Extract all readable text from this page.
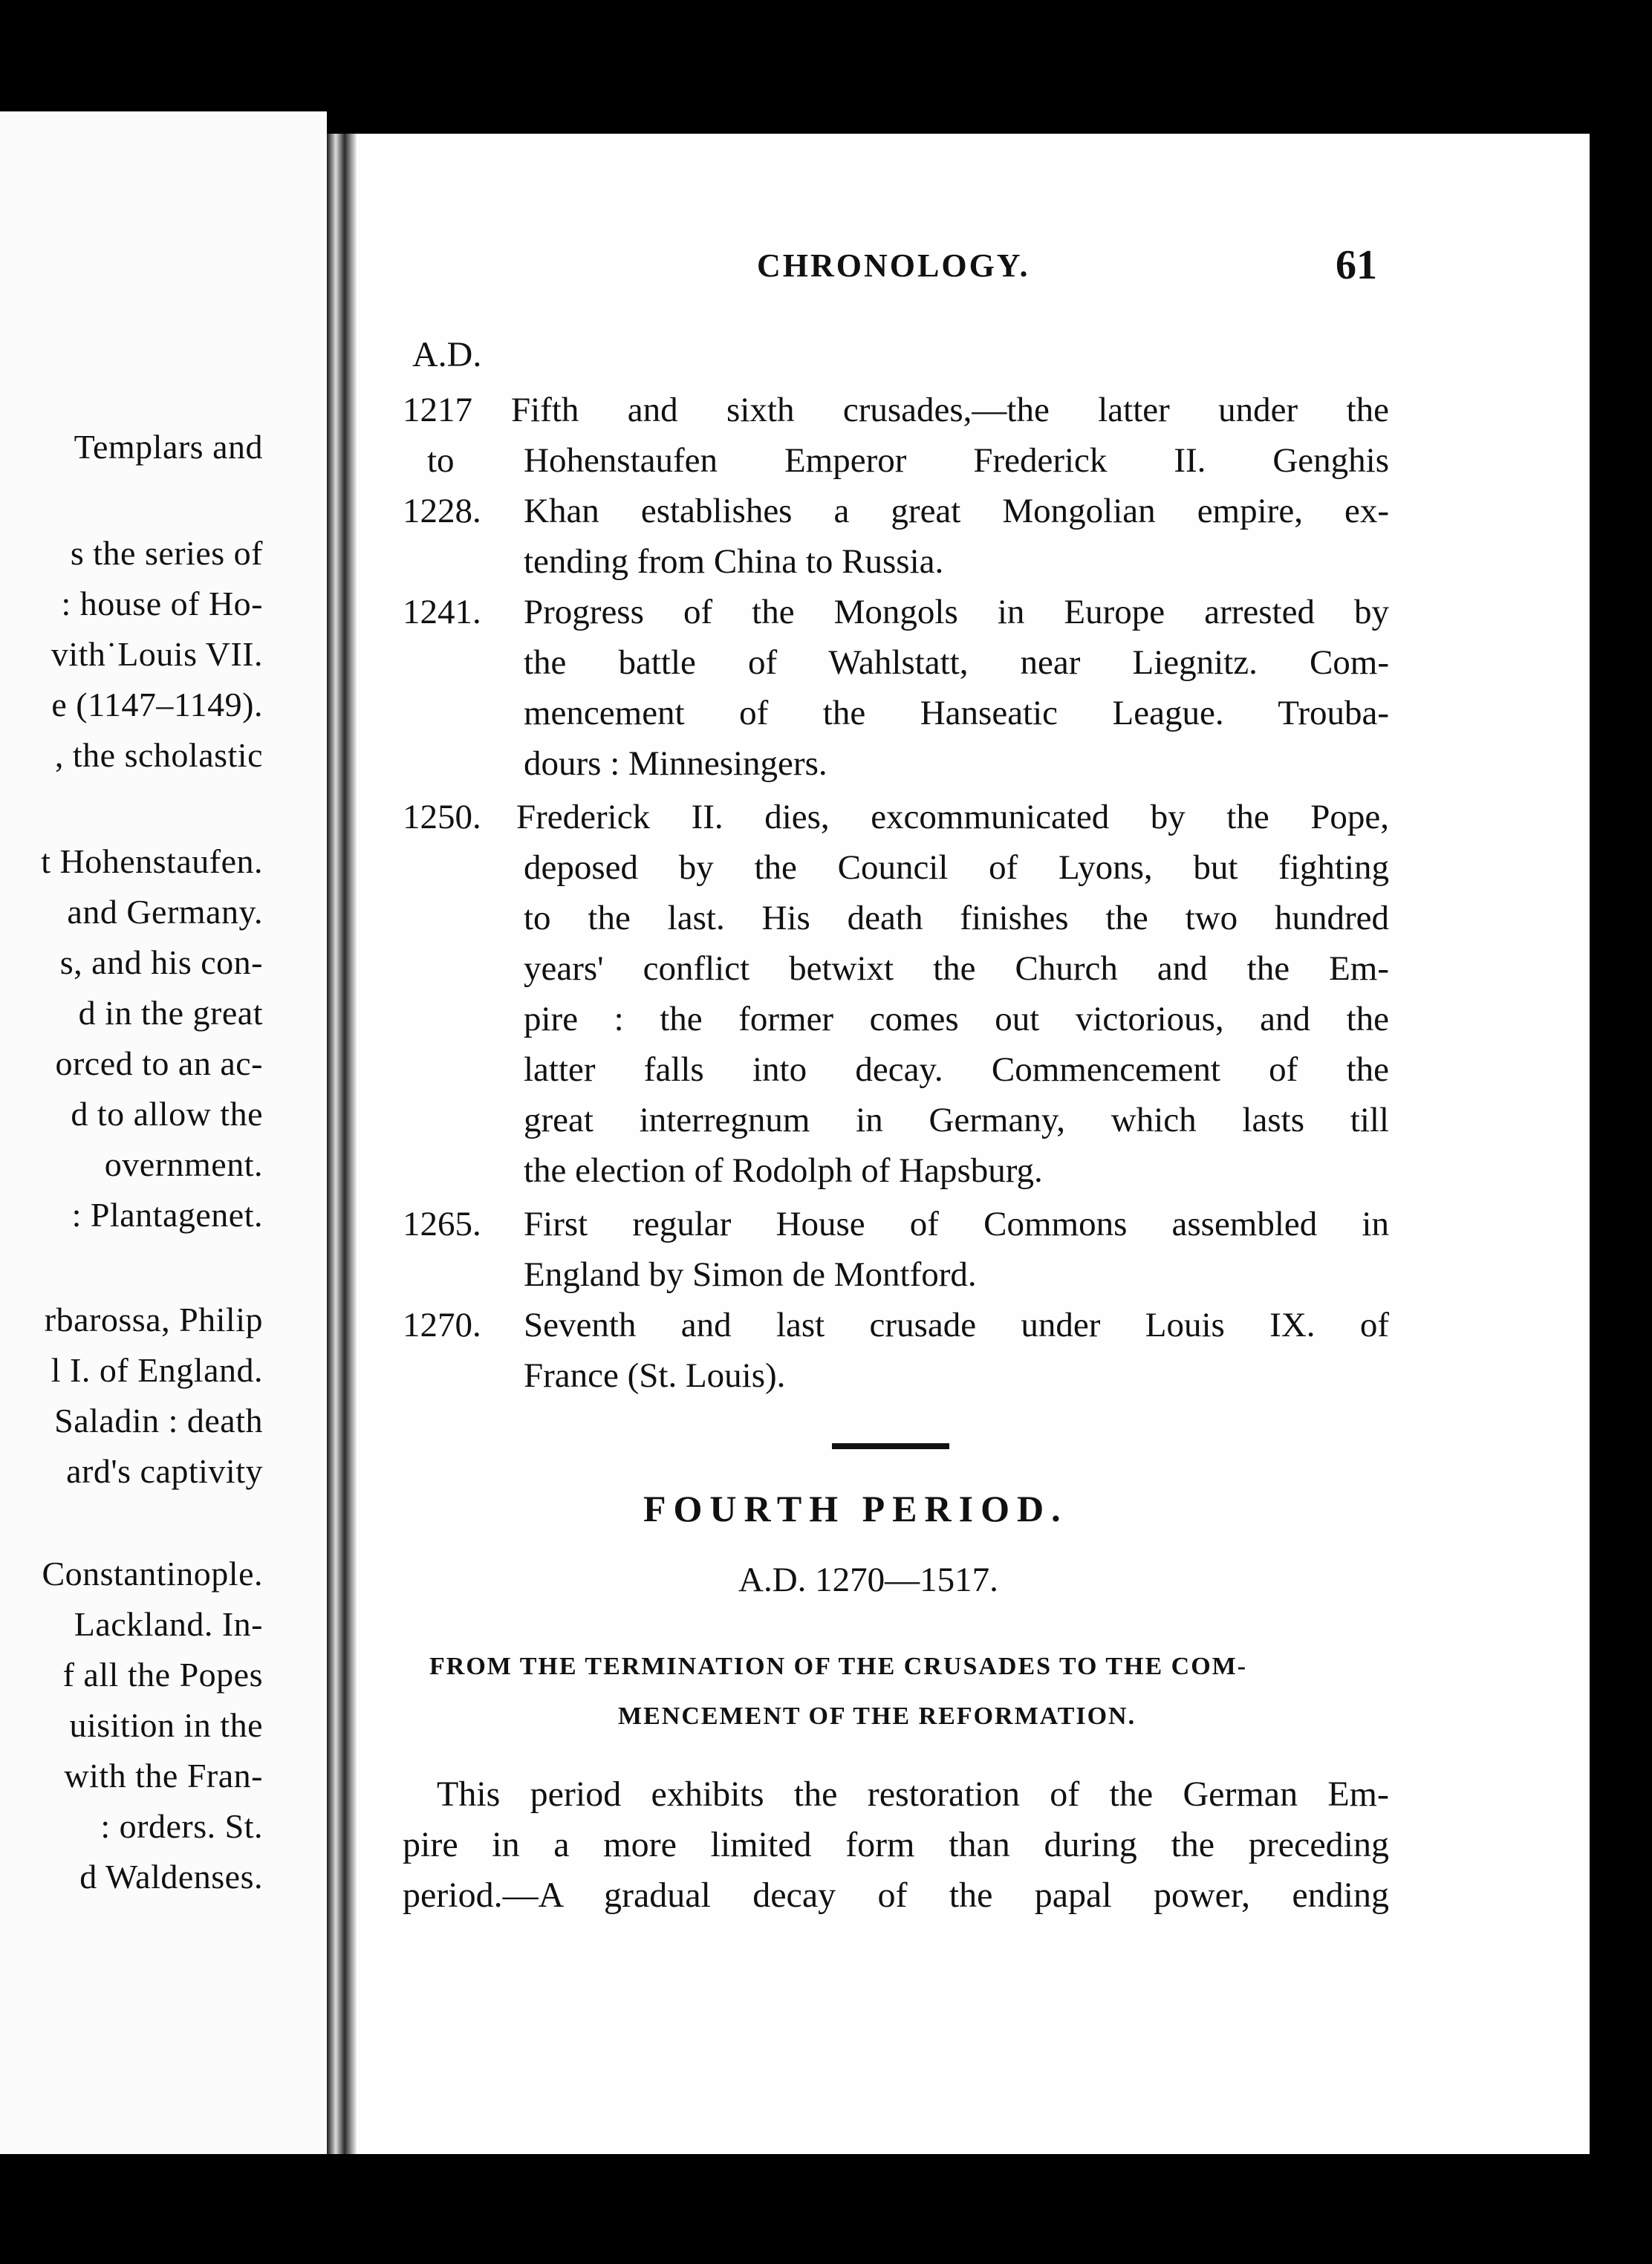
Templars and
s the series of
: house of Ho-
vith˙Louis VII.
e (1147–1149).
, the scholastic
t Hohenstaufen.
and Germany.
s, and his con-
d in the great
orced to an ac-
d to allow the
overnment.
: Plantagenet.
rbarossa, Philip
l I. of England.
Saladin : death
ard's captivity
Constantinople.
Lackland. In-
f all the Popes
uisition in the
with the Fran-
: orders. St.
d Waldenses.
CHRONOLOGY.	61
A.D.
1217
to
1228.
Fifth and sixth crusades,—the latter under the
Hohenstaufen Emperor Frederick II. Genghis
Khan establishes a great Mongolian empire, ex-
tending from China to Russia.
1241. Progress of the Mongols in Europe arrested by
the battle of Wahlstatt, near Liegnitz. Com-
mencement of the Hanseatic League. Trouba-
dours : Minnesingers.
1250. Frederick II. dies, excommunicated by the Pope,
deposed by the Council of Lyons, but fighting
to the last. His death finishes the two hundred
years' conflict betwixt the Church and the Em-
pire : the former comes out victorious, and the
latter falls into decay. Commencement of the
great interregnum in Germany, which lasts till
the election of Rodolph of Hapsburg.
1265. First regular House of Commons assembled in
England by Simon de Montford.
1270. Seventh and last crusade under Louis IX. of
France (St. Louis).
FOURTH PERIOD.
A.D. 1270—1517.
FROM THE TERMINATION OF THE CRUSADES TO THE COM-
MENCEMENT OF THE REFORMATION.
This period exhibits the restoration of the German Em-
pire in a more limited form than during the preceding
period.—A gradual decay of the papal power, ending
